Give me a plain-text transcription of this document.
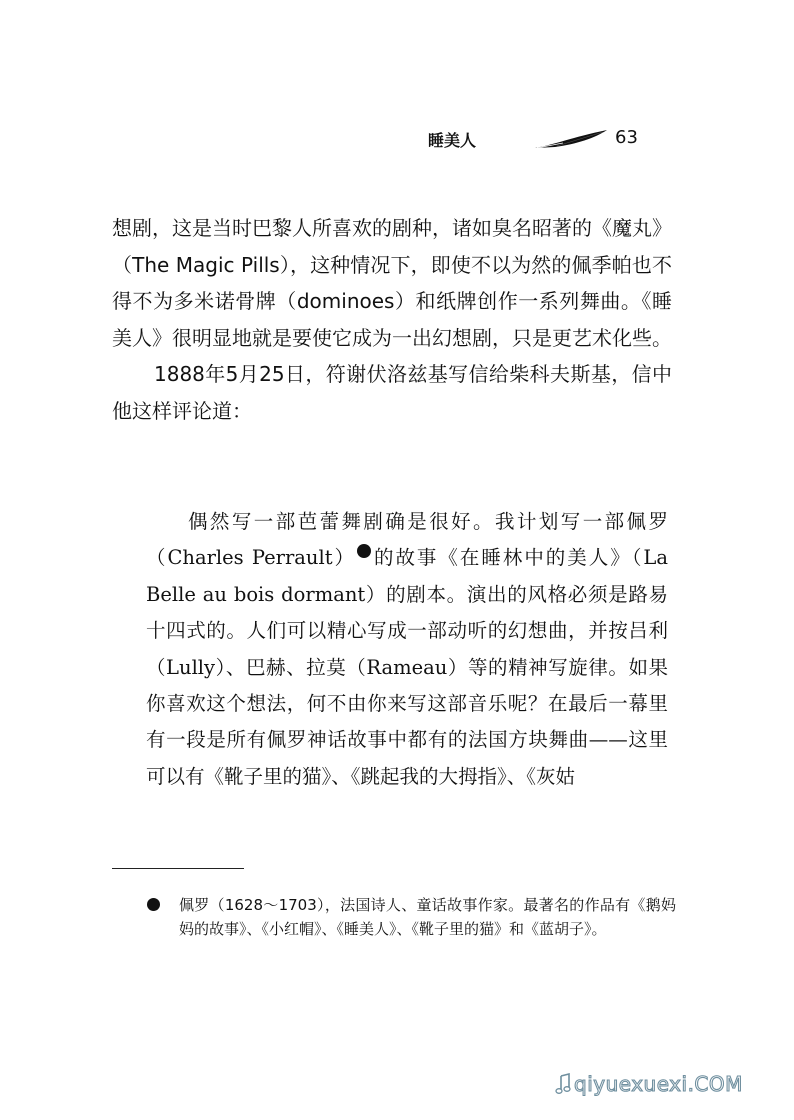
睡美人	63

想剧，这是当时巴黎人所喜欢的剧种，诸如臭名昭著的《魔丸》（The Magic Pills），这种情况下，即使不以为然的佩季帕也不得不为多米诺骨牌（dominoes）和纸牌创作一系列舞曲。《睡美人》很明显地就是要使它成为一出幻想剧，只是更艺术化些。

1888年5月25日，符谢伏洛兹基写信给柴科夫斯基，信中他这样评论道：

偶然写一部芭蕾舞剧确是很好。我计划写一部佩罗（Charles Perrault） 的故事《在睡林中的美人》（La Belle au bois dormant）的剧本。演出的风格必须是路易十四式的。人们可以精心写成一部动听的幻想曲，并按吕利（Lully）、巴赫、拉莫（Rameau）等的精神写旋律。如果你喜欢这个想法，何不由你来写这部音乐呢？在最后一幕里有一段是所有佩罗神话故事中都有的法国方块舞曲——这里可以有《靴子里的猫》、《跳起我的大拇指》、《灰姑

佩罗（1628～1703），法国诗人、童话故事作家。最著名的作品有《鹅妈妈的故事》、《小红帽》、《睡美人》、《靴子里的猫》和《蓝胡子》。

qiyuexuexi.COM
